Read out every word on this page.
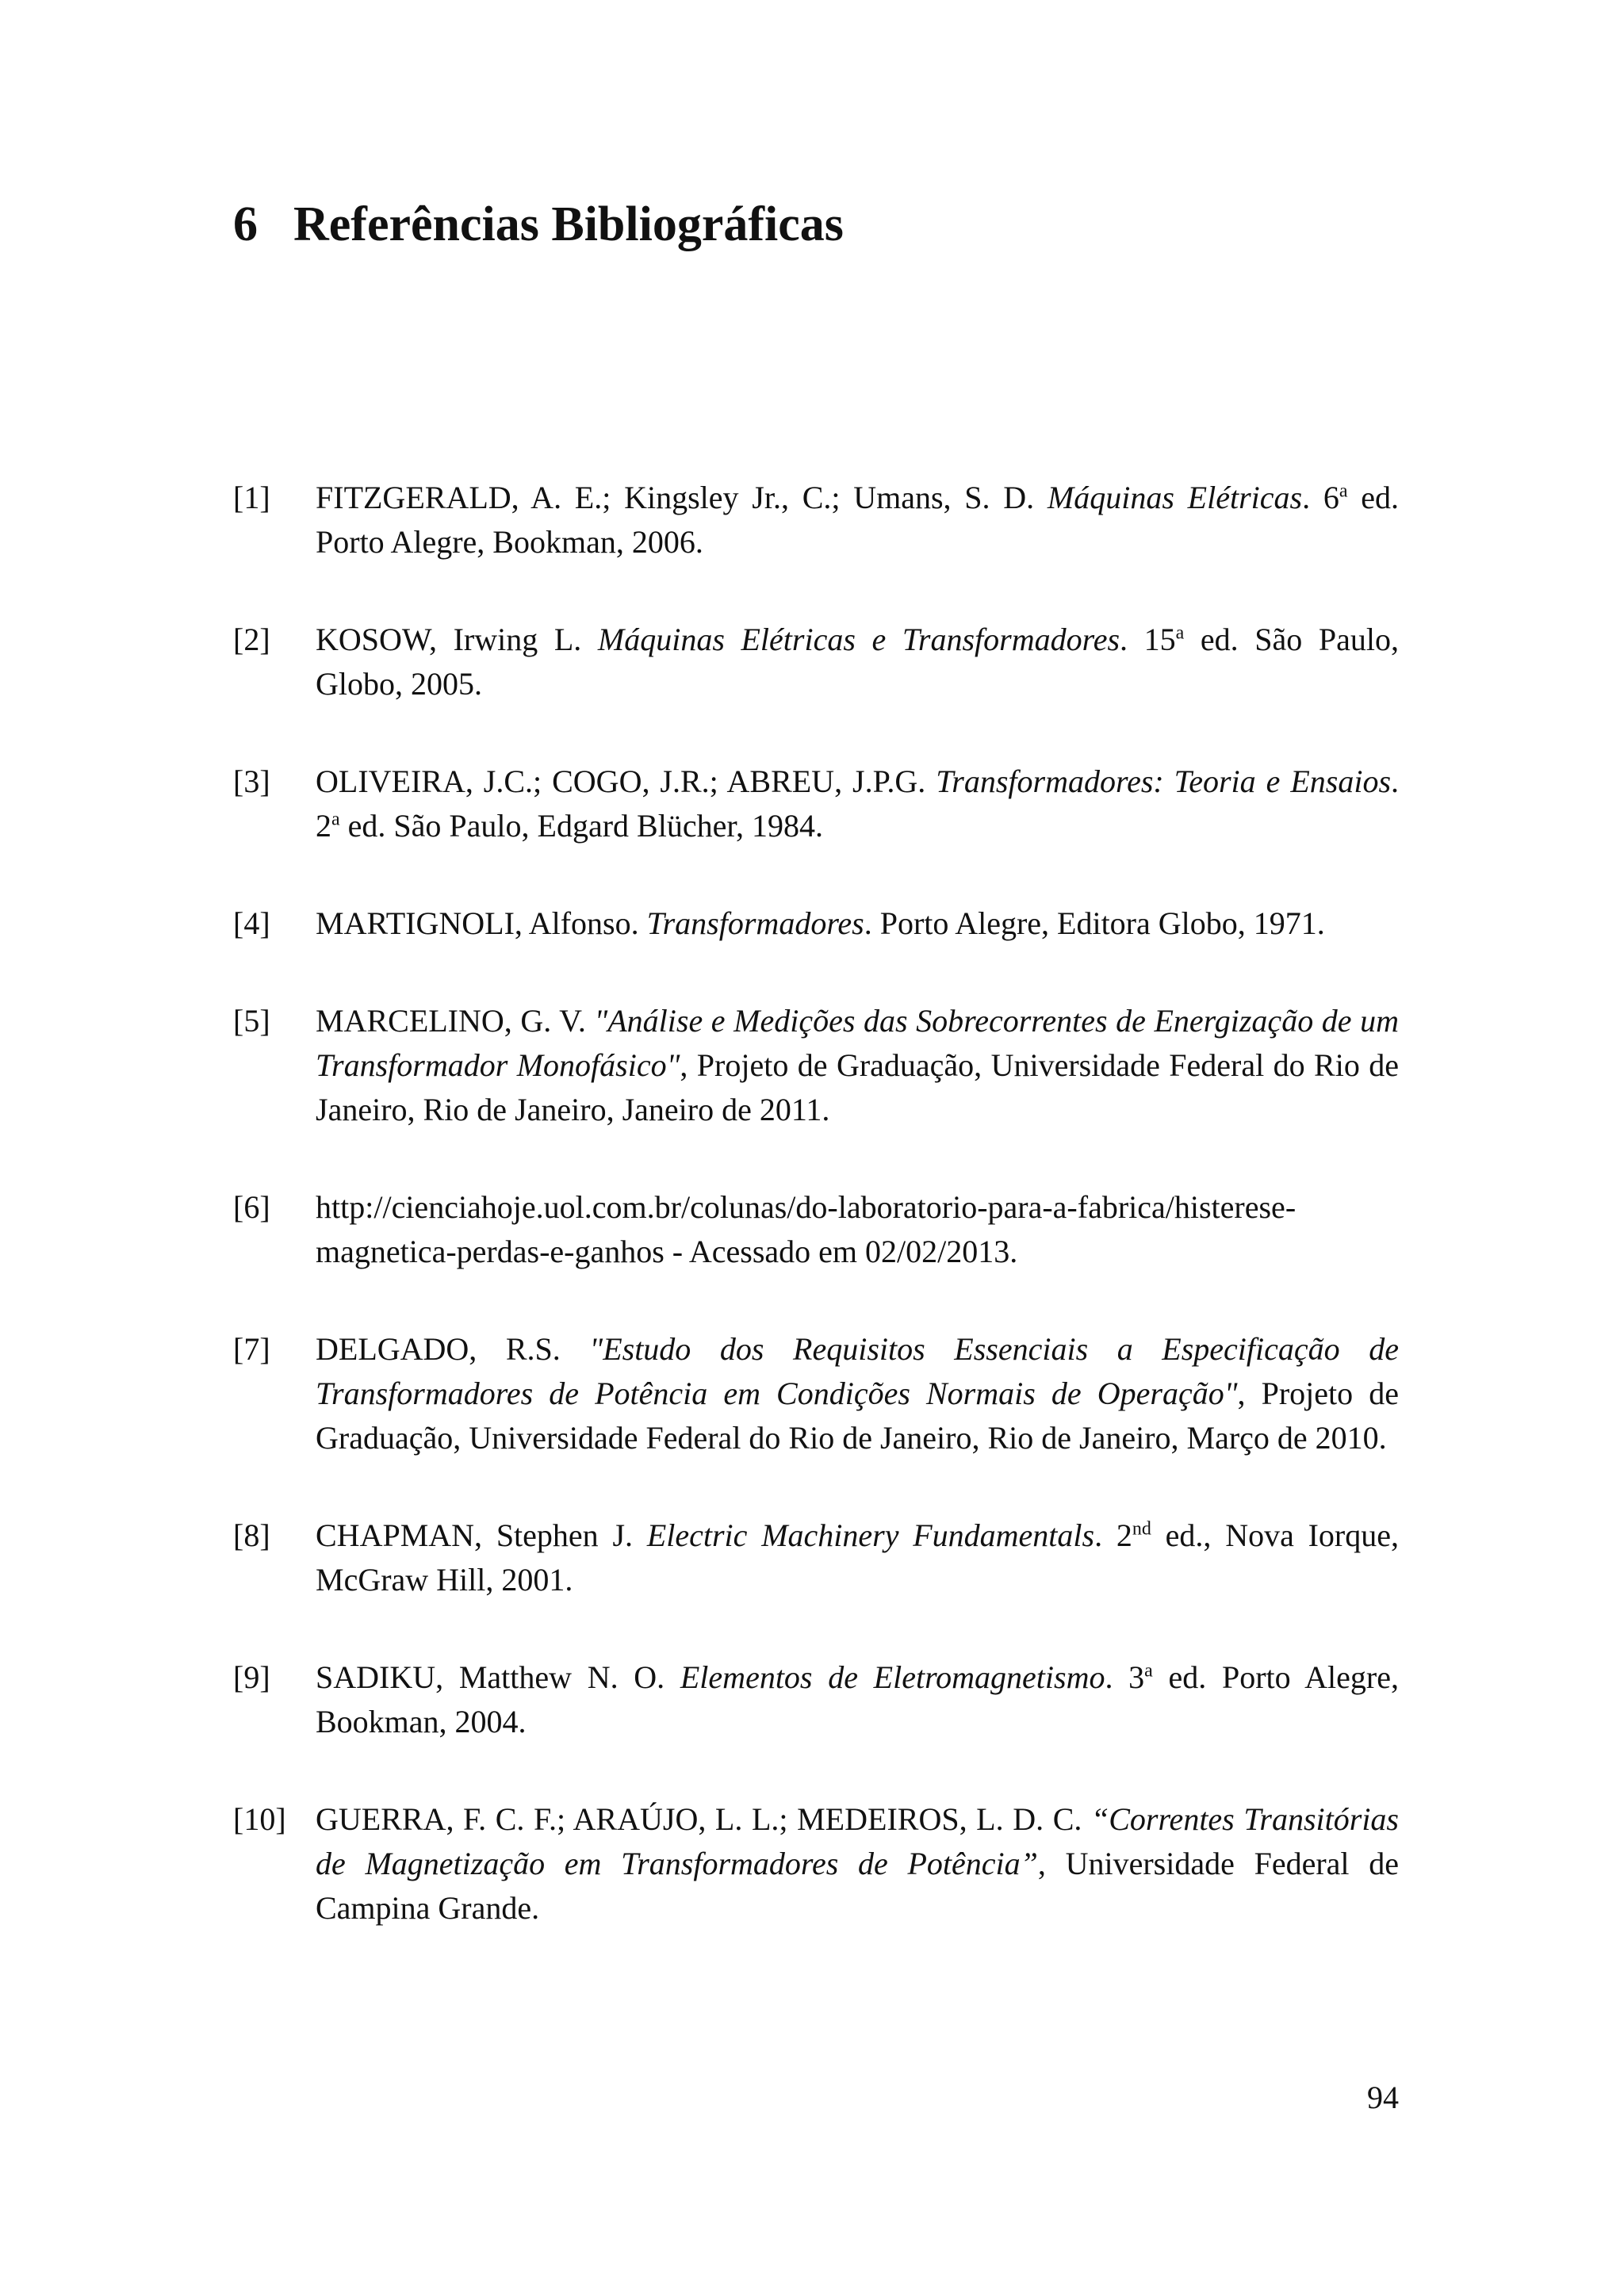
6 Referências Bibliográficas
[1] FITZGERALD, A. E.; Kingsley Jr., C.; Umans, S. D. Máquinas Elétricas. 6$^a$ ed. Porto Alegre, Bookman, 2006.
[2] KOSOW, Irwing L. Máquinas Elétricas e Transformadores. 15$^a$ ed. São Paulo, Globo, 2005.
[3] OLIVEIRA, J.C.; COGO, J.R.; ABREU, J.P.G. Transformadores: Teoria e Ensaios. 2$^a$ ed. São Paulo, Edgard Blücher, 1984.
[4] MARTIGNOLI, Alfonso. Transformadores. Porto Alegre, Editora Globo, 1971.
[5] MARCELINO, G. V. "Análise e Medições das Sobrecorrentes de Energização de um Transformador Monofásico", Projeto de Graduação, Universidade Federal do Rio de Janeiro, Rio de Janeiro, Janeiro de 2011.
[6] http://cienciahoje.uol.com.br/colunas/do-laboratorio-para-a-fabrica/histerese-magnetica-perdas-e-ganhos - Acessado em 02/02/2013.
[7] DELGADO, R.S. "Estudo dos Requisitos Essenciais a Especificação de Transformadores de Potência em Condições Normais de Operação", Projeto de Graduação, Universidade Federal do Rio de Janeiro, Rio de Janeiro, Março de 2010.
[8] CHAPMAN, Stephen J. Electric Machinery Fundamentals. 2nd ed., Nova Iorque, McGraw Hill, 2001.
[9] SADIKU, Matthew N. O. Elementos de Eletromagnetismo. 3$^a$ ed. Porto Alegre, Bookman, 2004.
[10] GUERRA, F. C. F.; ARAÚJO, L. L.; MEDEIROS, L. D. C. “Correntes Transitórias de Magnetização em Transformadores de Potência”, Universidade Federal de Campina Grande.
94
